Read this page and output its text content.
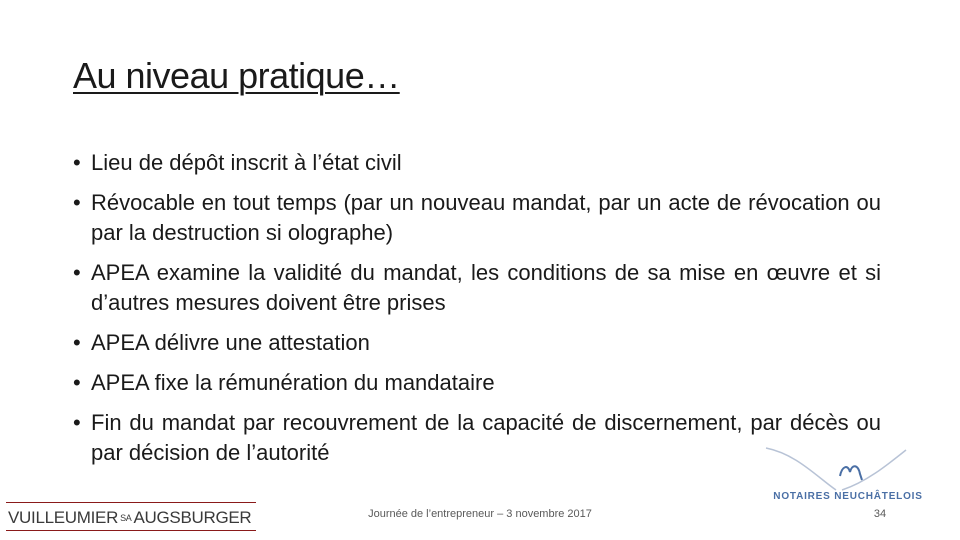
Au niveau pratique…
• Lieu de dépôt inscrit à l’état civil
• Révocable en tout temps (par un nouveau mandat, par un acte de révocation ou par la destruction si olographe)
• APEA examine la validité du mandat, les conditions de sa mise en œuvre et si d’autres mesures doivent être prises
• APEA délivre une attestation
• APEA fixe la rémunération du mandataire
• Fin du mandat par recouvrement de la capacité de discernement, par décès ou par décision de l’autorité
VUILLEUMIER SA AUGSBURGER	Journée de l’entrepreneur – 3 novembre 2017
NOTAIRES NEUCHÂTELOIS
34
